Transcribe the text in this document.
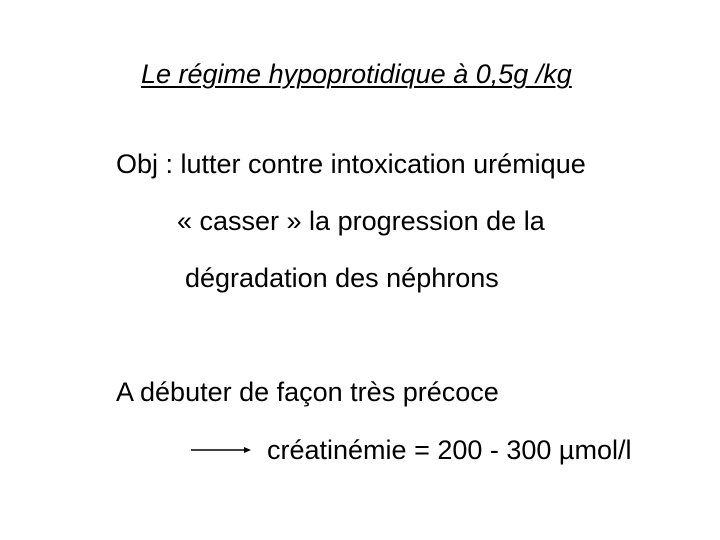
Le régime hypoprotidique à 0,5g /kg
Obj : lutter contre intoxication urémique
« casser » la progression de la
dégradation des néphrons
A débuter de façon très précoce
créatinémie = 200 - 300 µmol/l
